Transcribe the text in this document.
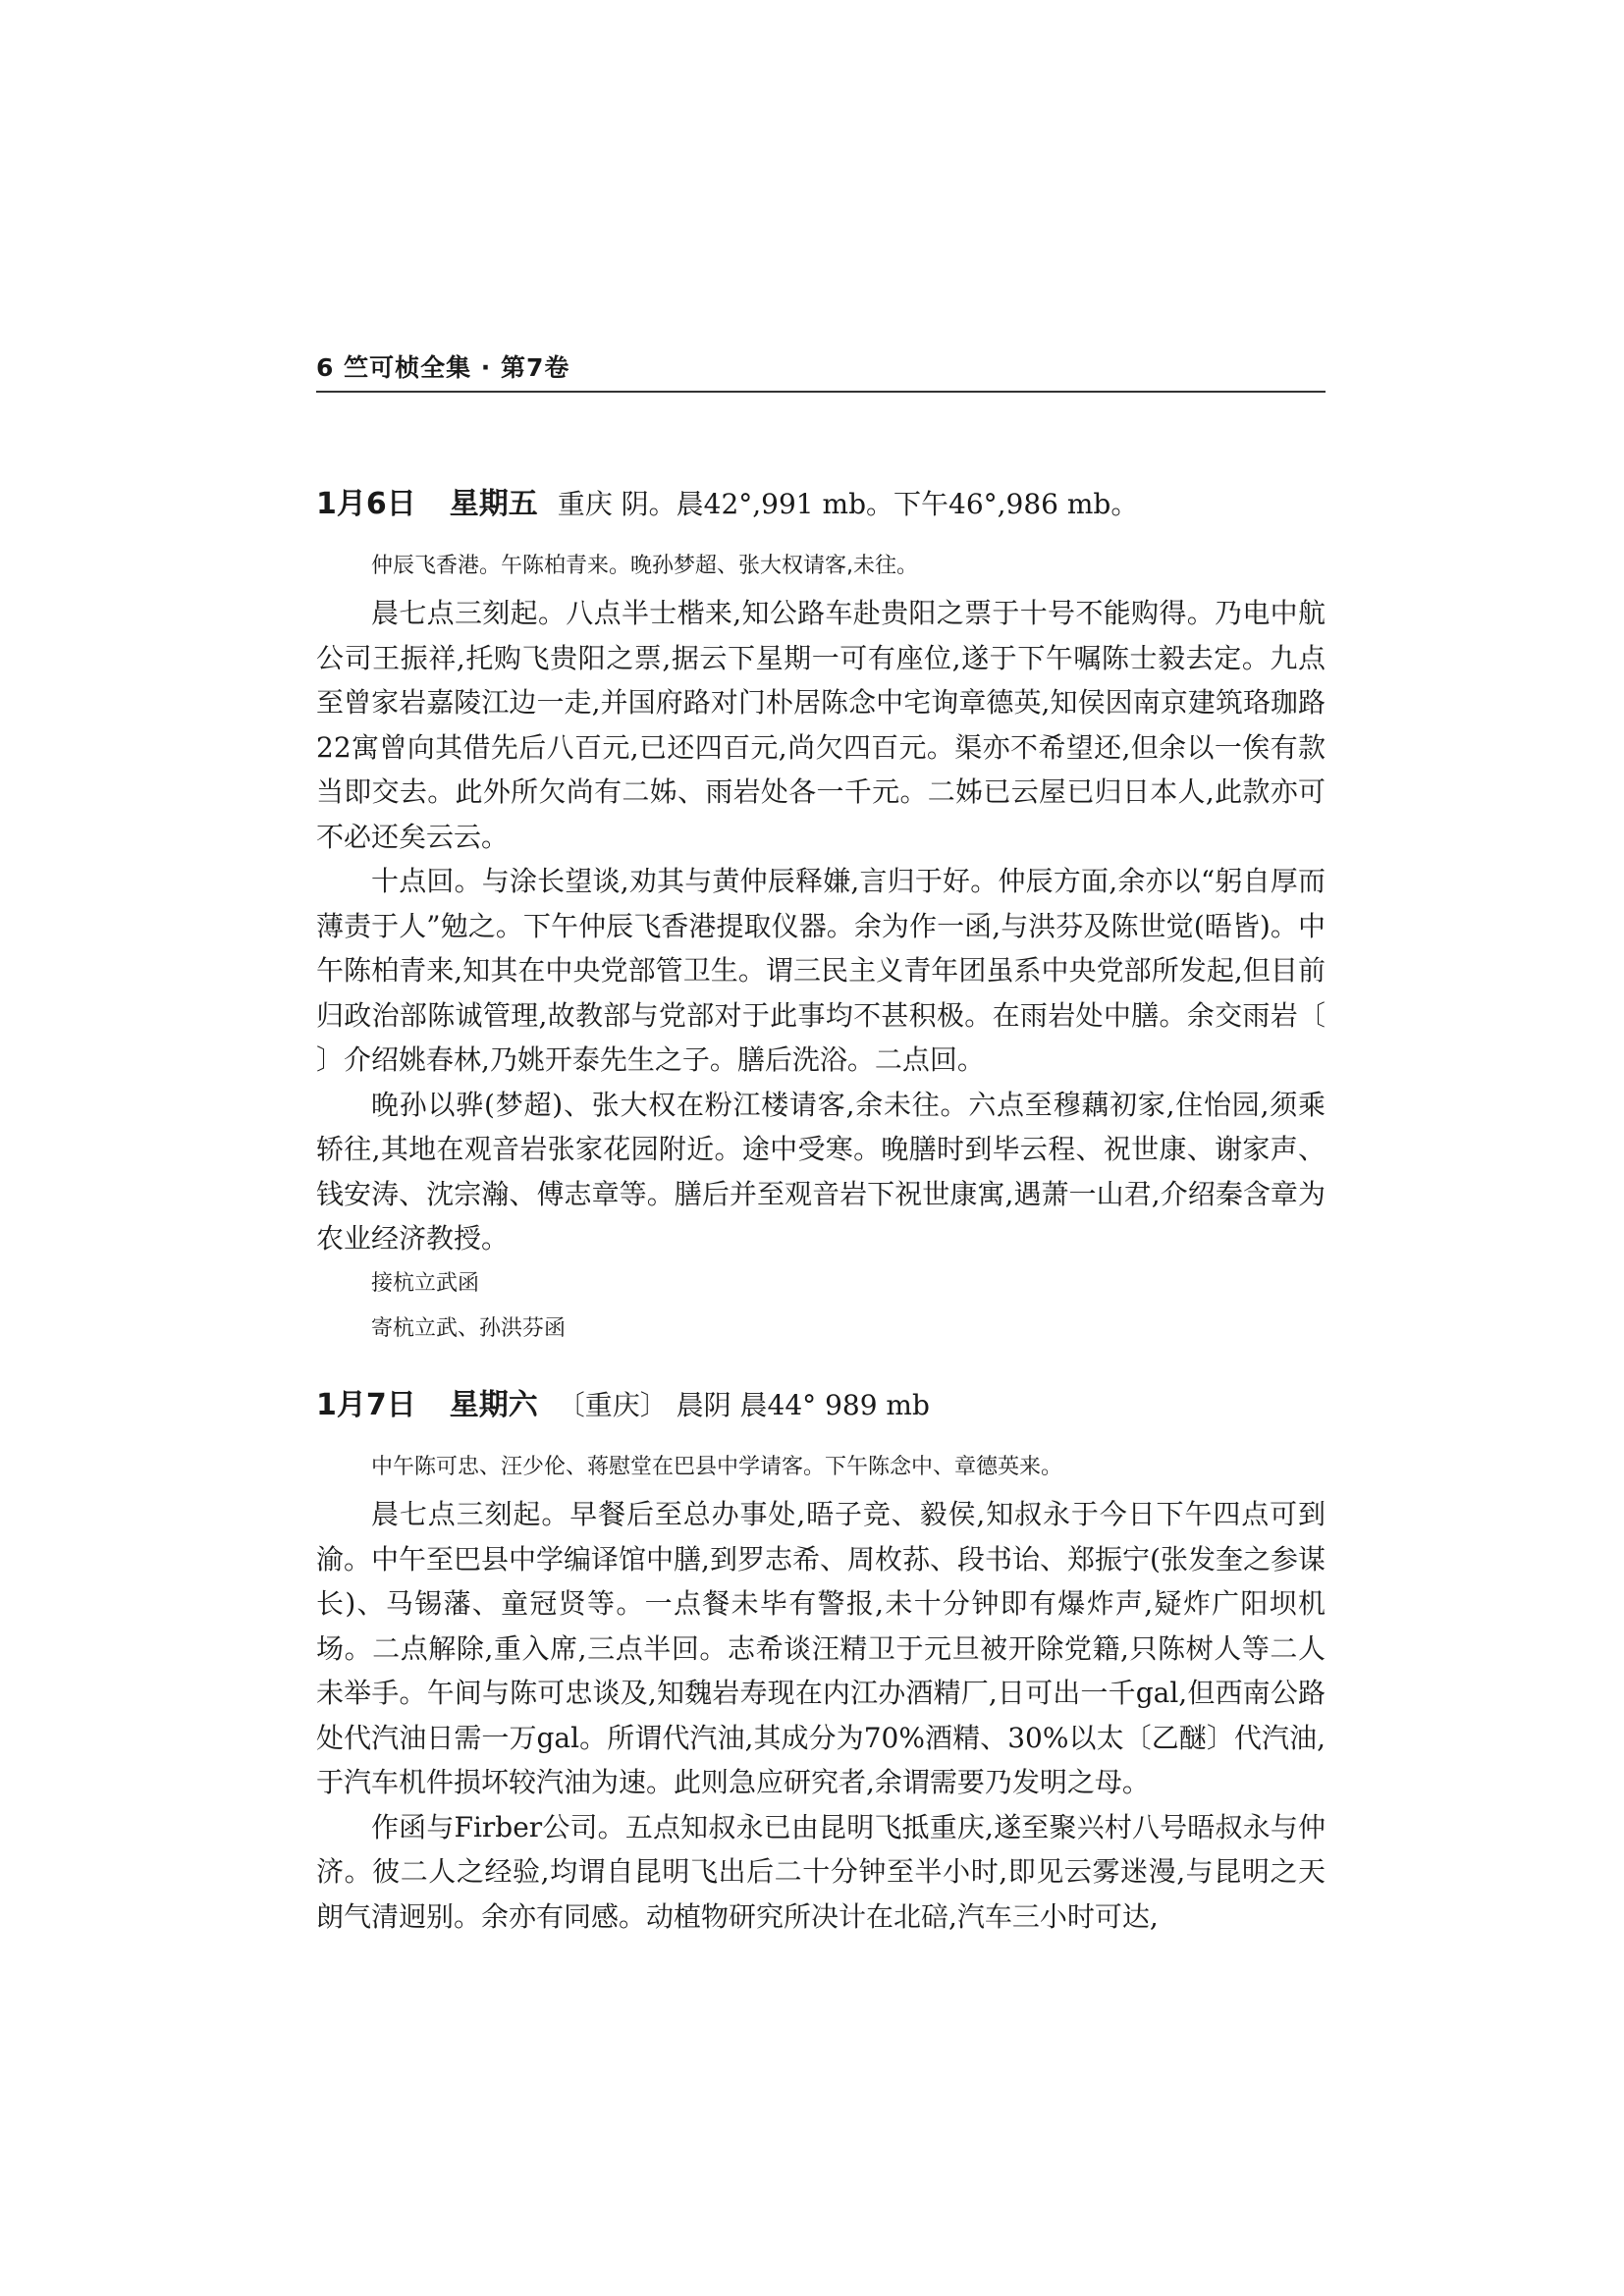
6 竺可桢全集 · 第7卷
1月6日 星期五 重庆 阴。晨42°,991 mb。下午46°,986 mb。
仲辰飞香港。午陈柏青来。晚孙梦超、张大权请客,未往。

晨七点三刻起。八点半士楷来,知公路车赴贵阳之票于十号不能购得。乃电中航公司王振祥,托购飞贵阳之票,据云下星期一可有座位,遂于下午嘱陈士毅去定。九点至曾家岩嘉陵江边一走,并国府路对门朴居陈念中宅询章德英,知侯因南京建筑珞珈路22寓曾向其借先后八百元,已还四百元,尚欠四百元。渠亦不希望还,但余以一俟有款当即交去。此外所欠尚有二姊、雨岩处各一千元。二姊已云屋已归日本人,此款亦可不必还矣云云。

十点回。与涂长望谈,劝其与黄仲辰释嫌,言归于好。仲辰方面,余亦以“躬自厚而薄责于人”勉之。下午仲辰飞香港提取仪器。余为作一函,与洪芬及陈世觉(晤皆)。中午陈柏青来,知其在中央党部管卫生。谓三民主义青年团虽系中央党部所发起,但目前归政治部陈诚管理,故教部与党部对于此事均不甚积极。在雨岩处中膳。余交雨岩〔 〕介绍姚春林,乃姚开泰先生之子。膳后洗浴。二点回。

晚孙以骅(梦超)、张大权在粉江楼请客,余未往。六点至穆藕初家,住怡园,须乘轿往,其地在观音岩张家花园附近。途中受寒。晚膳时到毕云程、祝世康、谢家声、钱安涛、沈宗瀚、傅志章等。膳后并至观音岩下祝世康寓,遇萧一山君,介绍秦含章为农业经济教授。

接杭立武函
寄杭立武、孙洪芬函
1月7日 星期六 〔重庆〕 晨阴 晨44° 989 mb
中午陈可忠、汪少伦、蒋慰堂在巴县中学请客。下午陈念中、章德英来。

晨七点三刻起。早餐后至总办事处,晤子竞、毅侯,知叔永于今日下午四点可到渝。中午至巴县中学编译馆中膳,到罗志希、周枚荪、段书诒、郑振宁(张发奎之参谋长)、马锡藩、童冠贤等。一点餐未毕有警报,未十分钟即有爆炸声,疑炸广阳坝机场。二点解除,重入席,三点半回。志希谈汪精卫于元旦被开除党籍,只陈树人等二人未举手。午间与陈可忠谈及,知魏岩寿现在内江办酒精厂,日可出一千gal,但西南公路处代汽油日需一万gal。所谓代汽油,其成分为70%酒精、30%以太〔乙醚〕代汽油,于汽车机件损坏较汽油为速。此则急应研究者,余谓需要乃发明之母。

作函与Firber公司。五点知叔永已由昆明飞抵重庆,遂至聚兴村八号晤叔永与仲济。彼二人之经验,均谓自昆明飞出后二十分钟至半小时,即见云雾迷漫,与昆明之天朗气清迥别。余亦有同感。动植物研究所决计在北碚,汽车三小时可达,
